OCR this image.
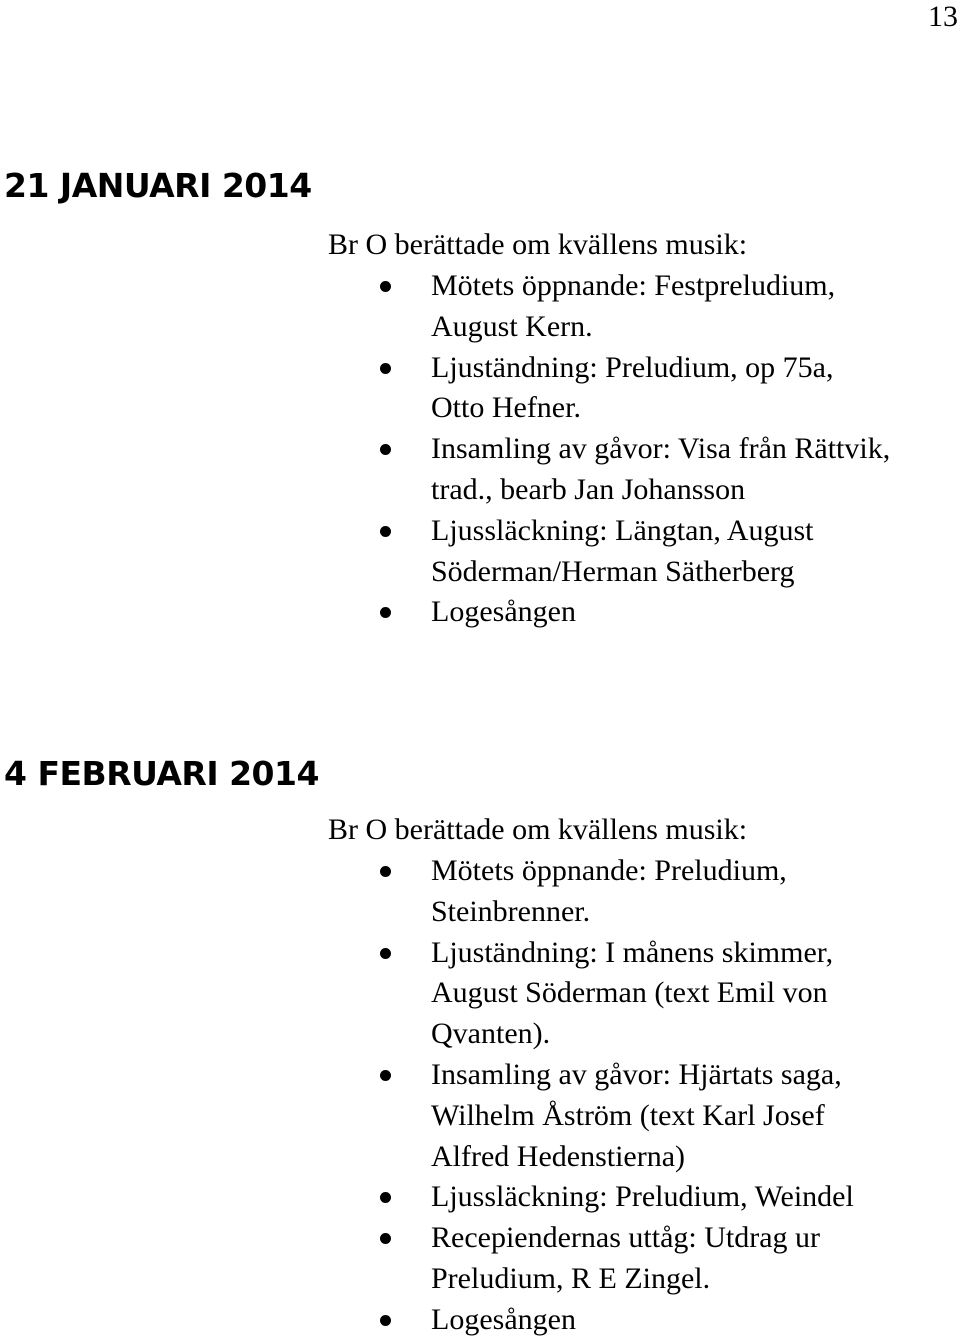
13
21 JANUARI 2014
Br O berättade om kvällens musik:
Mötets öppnande: Festpreludium,
August Kern.
Ljuständning: Preludium, op 75a,
Otto Hefner.
Insamling av gåvor: Visa från Rättvik,
trad., bearb Jan Johansson
Ljussläckning: Längtan, August
Söderman/Herman Sätherberg
Logesången
4 FEBRUARI 2014
Br O berättade om kvällens musik:
Mötets öppnande: Preludium,
Steinbrenner.
Ljuständning: I månens skimmer,
August Söderman (text Emil von
Qvanten).
Insamling av gåvor: Hjärtats saga,
Wilhelm Åström (text Karl Josef
Alfred Hedenstierna)
Ljussläckning: Preludium, Weindel
Recepiendernas uttåg: Utdrag ur
Preludium, R E Zingel.
Logesången
